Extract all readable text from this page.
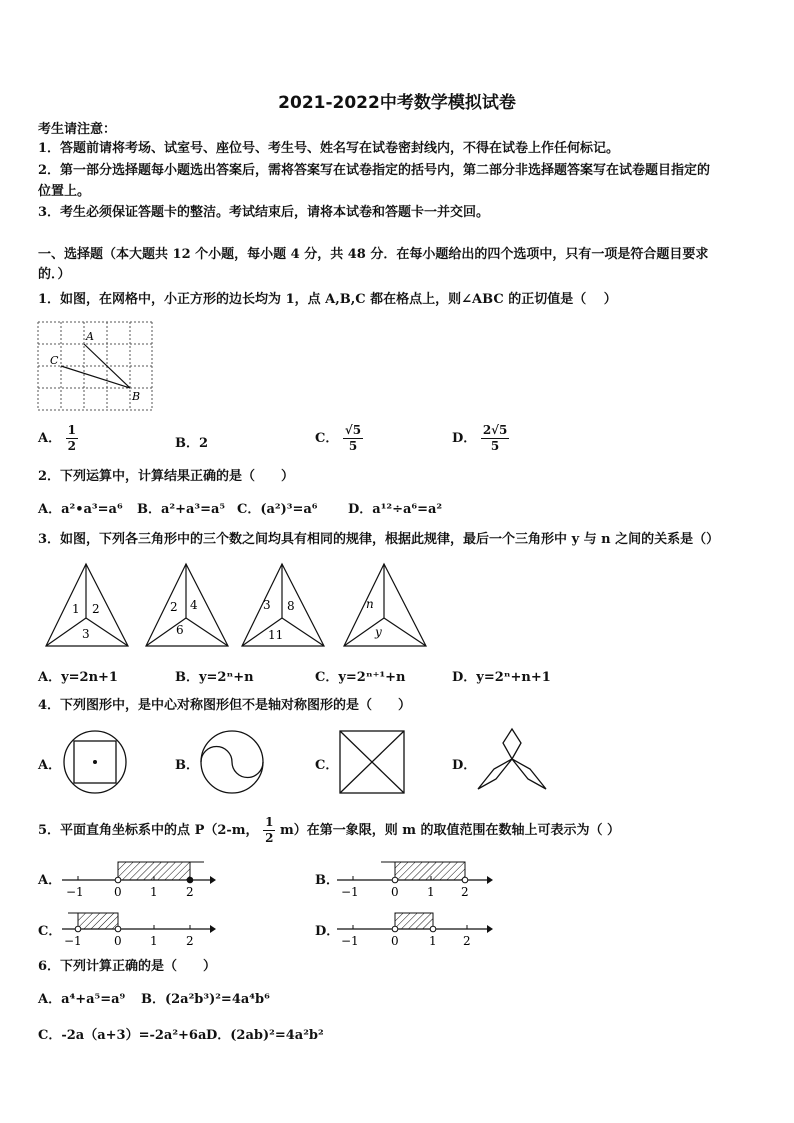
2021-2022中考数学模拟试卷
考生请注意：
1．答题前请将考场、试室号、座位号、考生号、姓名写在试卷密封线内，不得在试卷上作任何标记。
2．第一部分选择题每小题选出答案后，需将答案写在试卷指定的括号内，第二部分非选择题答案写在试卷题目指定的
位置上。
3．考生必须保证答题卡的整洁。考试结束后，请将本试卷和答题卡一并交回。
一、选择题（本大题共 12 个小题，每小题 4 分，共 48 分．在每小题给出的四个选项中，只有一项是符合题目要求
的．）
1．如图，在网格中，小正方形的边长均为 1，点 A,B,C 都在格点上，则∠ABC 的正切值是（　 ）
A
C
B
A． $\frac{1}{2}$	B．2	C． $\frac{√5}{5}$	D． $\frac{2√5}{5}$
2．下列运算中，计算结果正确的是（　　）
A．a²•a³=a⁶ B．a²+a³=a⁵ C．(a²)³=a⁶ D．a¹²÷a⁶=a²
3．如图，下列各三角形中的三个数之间均具有相同的规律，根据此规律，最后一个三角形中 y 与 n 之间的关系是（）
1 2
3
2 4
6
3 8
11
n
y
A．y=2n+1	B．y=2ⁿ+n	C．y=2ⁿ⁺¹+n	D．y=2ⁿ+n+1
4．下列图形中，是中心对称图形但不是轴对称图形的是（　　）
A．	B．	C．	D．
5．平面直角坐标系中的点 P（2-m， $\frac{1}{2} m$）在第一象限，则 m 的取值范围在数轴上可表示为（ ）
A．
−1	0 1 2
B．
−1	0 1 2
C．
−1	0 1 2
D．
−1	0	1 2
6．下列计算正确的是（　　）
A．a⁴+a⁵=a⁹ B．(2a²b³)²=4a⁴b⁶
C．-2a（a+3）=-2a²+6a D．(2ab)²=4a²b²
